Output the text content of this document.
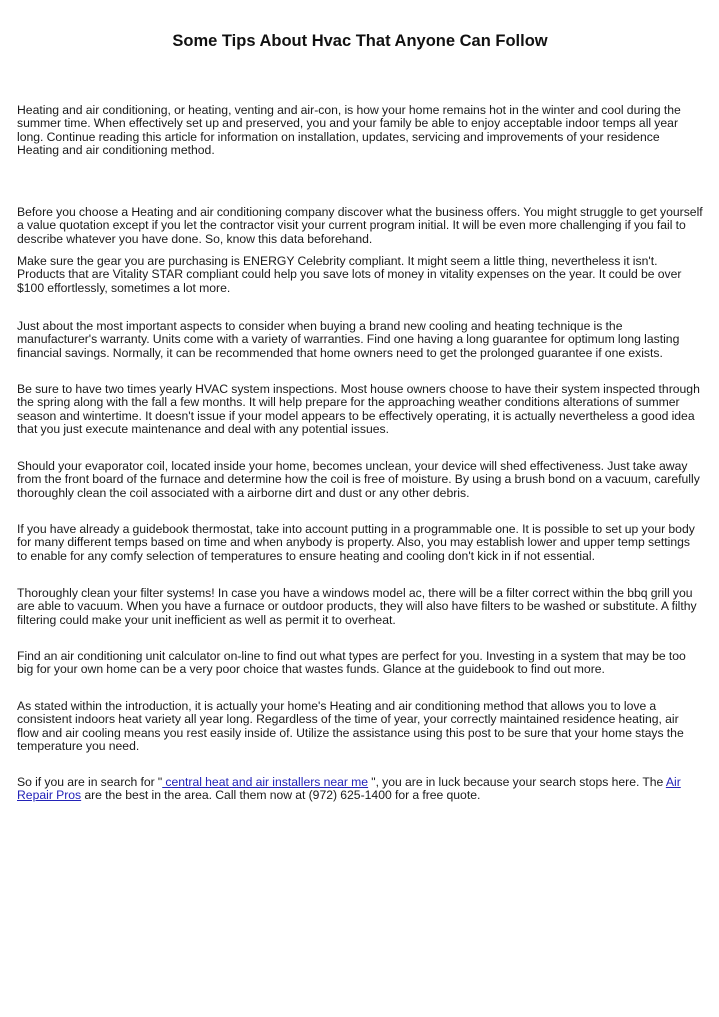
Some Tips About Hvac That Anyone Can Follow

Heating and air conditioning, or heating, venting and air-con, is how your home remains hot in the winter and cool during the summer time. When effectively set up and preserved, you and your family be able to enjoy acceptable indoor temps all year long. Continue reading this article for information on installation, updates, servicing and improvements of your residence Heating and air conditioning method.

Before you choose a Heating and air conditioning company discover what the business offers. You might struggle to get yourself a value quotation except if you let the contractor visit your current program initial. It will be even more challenging if you fail to describe whatever you have done. So, know this data beforehand.

Make sure the gear you are purchasing is ENERGY Celebrity compliant. It might seem a little thing, nevertheless it isn't. Products that are Vitality STAR compliant could help you save lots of money in vitality expenses on the year. It could be over $100 effortlessly, sometimes a lot more.

Just about the most important aspects to consider when buying a brand new cooling and heating technique is the manufacturer's warranty. Units come with a variety of warranties. Find one having a long guarantee for optimum long lasting financial savings. Normally, it can be recommended that home owners need to get the prolonged guarantee if one exists.

Be sure to have two times yearly HVAC system inspections. Most house owners choose to have their system inspected through the spring along with the fall a few months. It will help prepare for the approaching weather conditions alterations of summer season and wintertime. It doesn't issue if your model appears to be effectively operating, it is actually nevertheless a good idea that you just execute maintenance and deal with any potential issues.

Should your evaporator coil, located inside your home, becomes unclean, your device will shed effectiveness. Just take away from the front board of the furnace and determine how the coil is free of moisture. By using a brush bond on a vacuum, carefully thoroughly clean the coil associated with a airborne dirt and dust or any other debris.

If you have already a guidebook thermostat, take into account putting in a programmable one. It is possible to set up your body for many different temps based on time and when anybody is property. Also, you may establish lower and upper temp settings to enable for any comfy selection of temperatures to ensure heating and cooling don't kick in if not essential.

Thoroughly clean your filter systems! In case you have a windows model ac, there will be a filter correct within the bbq grill you are able to vacuum. When you have a furnace or outdoor products, they will also have filters to be washed or substitute. A filthy filtering could make your unit inefficient as well as permit it to overheat.

Find an air conditioning unit calculator on-line to find out what types are perfect for you. Investing in a system that may be too big for your own home can be a very poor choice that wastes funds. Glance at the guidebook to find out more.

As stated within the introduction, it is actually your home's Heating and air conditioning method that allows you to love a consistent indoors heat variety all year long. Regardless of the time of year, your correctly maintained residence heating, air flow and air cooling means you rest easily inside of. Utilize the assistance using this post to be sure that your home stays the temperature you need.

So if you are in search for " central heat and air installers near me ", you are in luck because your search stops here. The Air Repair Pros are the best in the area. Call them now at (972) 625-1400 for a free quote.
